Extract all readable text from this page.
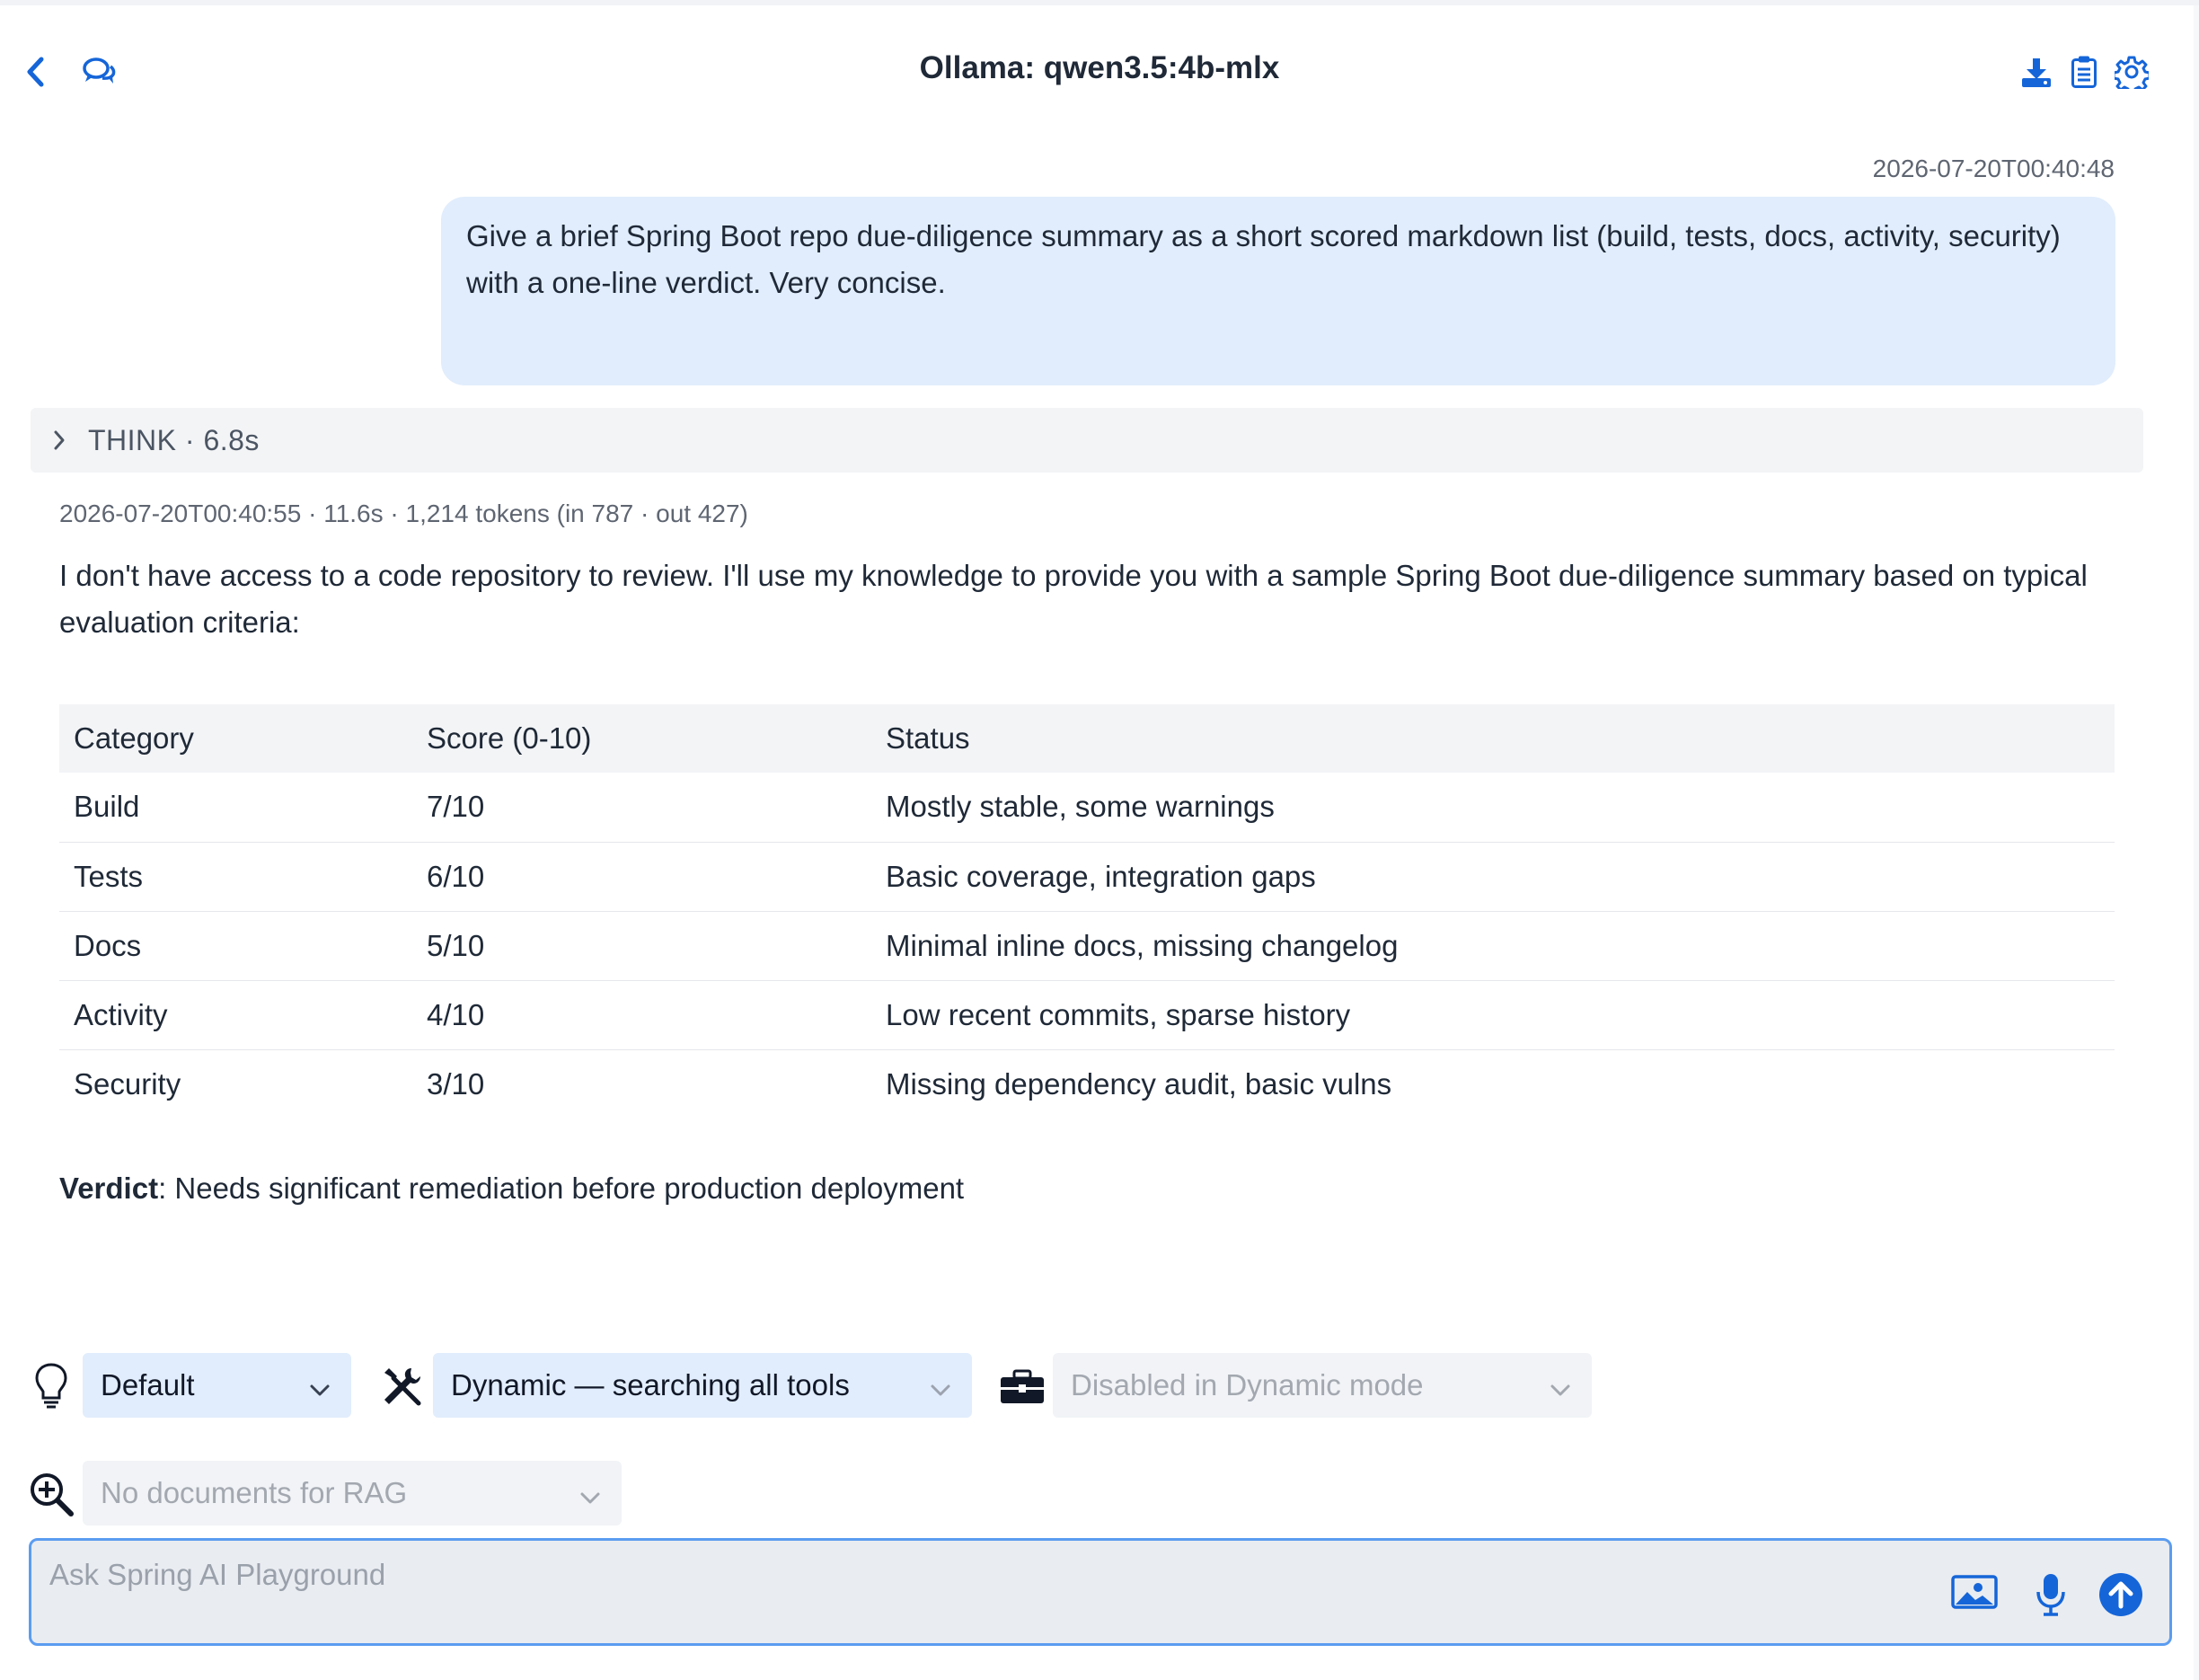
Ollama: qwen3.5:4b-mlx
2026-07-20T00:40:48
Give a brief Spring Boot repo due-diligence summary as a short scored markdown list (build, tests, docs, activity, security) with a one-line verdict. Very concise.
THINK · 6.8s
2026-07-20T00:40:55 · 11.6s · 1,214 tokens (in 787 · out 427)
I don't have access to a code repository to review. I'll use my knowledge to provide you with a sample Spring Boot due-diligence summary based on typical evaluation criteria:
Category	Score (0-10)	Status
Build	7/10	Mostly stable, some warnings
Tests	6/10	Basic coverage, integration gaps
Docs	5/10	Minimal inline docs, missing changelog
Activity	4/10	Low recent commits, sparse history
Security	3/10	Missing dependency audit, basic vulns
Verdict: Needs significant remediation before production deployment
Default	Dynamic — searching all tools	Disabled in Dynamic mode
No documents for RAG
Ask Spring AI Playground
